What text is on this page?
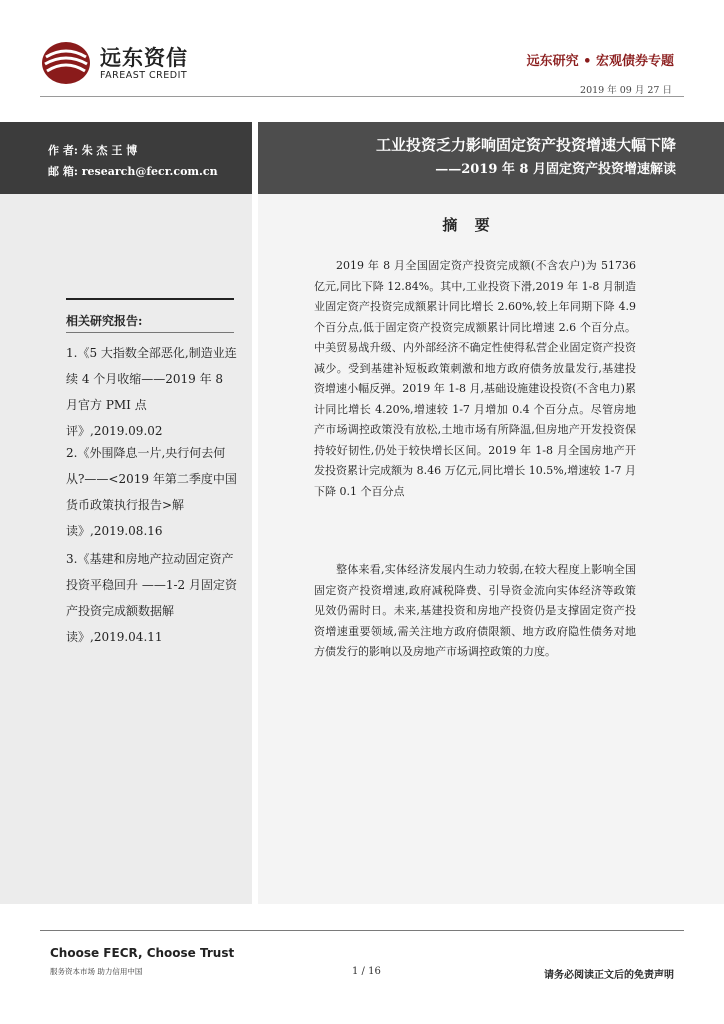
远东资信
FAREAST CREDIT
远东研究 • 宏观债券专题
2019 年 09 月 27 日
作 者: 朱 杰 王 博
邮 箱: research@fecr.com.cn
工业投资乏力影响固定资产投资增速大幅下降
——2019 年 8 月固定资产投资增速解读
相关研究报告:
1.《5 大指数全部恶化,制造业连续 4 个月收缩——2019 年 8 月官方 PMI 点评》,2019.09.02
2.《外围降息一片,央行何去何从?——<2019 年第二季度中国货币政策执行报告>解读》,2019.08.16
3.《基建和房地产拉动固定资产投资平稳回升 ——1-2 月固定资产投资完成额数据解读》,2019.04.11
摘 要

2019 年 8 月全国固定资产投资完成额(不含农户)为 51736 亿元,同比下降 12.84%。其中,工业投资下滑,2019 年 1-8 月制造业固定资产投资完成额累计同比增长 2.60%,较上年同期下降 4.9 个百分点,低于固定资产投资完成额累计同比增速 2.6 个百分点。中美贸易战升级、内外部经济不确定性使得私营企业固定资产投资减少。受到基建补短板政策刺激和地方政府债务放量发行,基建投资增速小幅反弹。2019 年 1-8 月,基础设施建设投资(不含电力)累计同比增长 4.20%,增速较 1-7 月增加 0.4 个百分点。尽管房地产市场调控政策没有放松,土地市场有所降温,但房地产开发投资保持较好韧性,仍处于较快增长区间。2019 年 1-8 月全国房地产开发投资累计完成额为 8.46 万亿元,同比增长 10.5%,增速较 1-7 月下降 0.1 个百分点

整体来看,实体经济发展内生动力较弱,在较大程度上影响全国固定资产投资增速,政府减税降费、引导资金流向实体经济等政策见效仍需时日。未来,基建投资和房地产投资仍是支撑固定资产投资增速重要领域,需关注地方政府债限额、地方政府隐性债务对地方债发行的影响以及房地产市场调控政策的力度。

Choose FECR, Choose Trust
服务资本市场 助力信用中国	1 / 16	请务必阅读正文后的免责声明
